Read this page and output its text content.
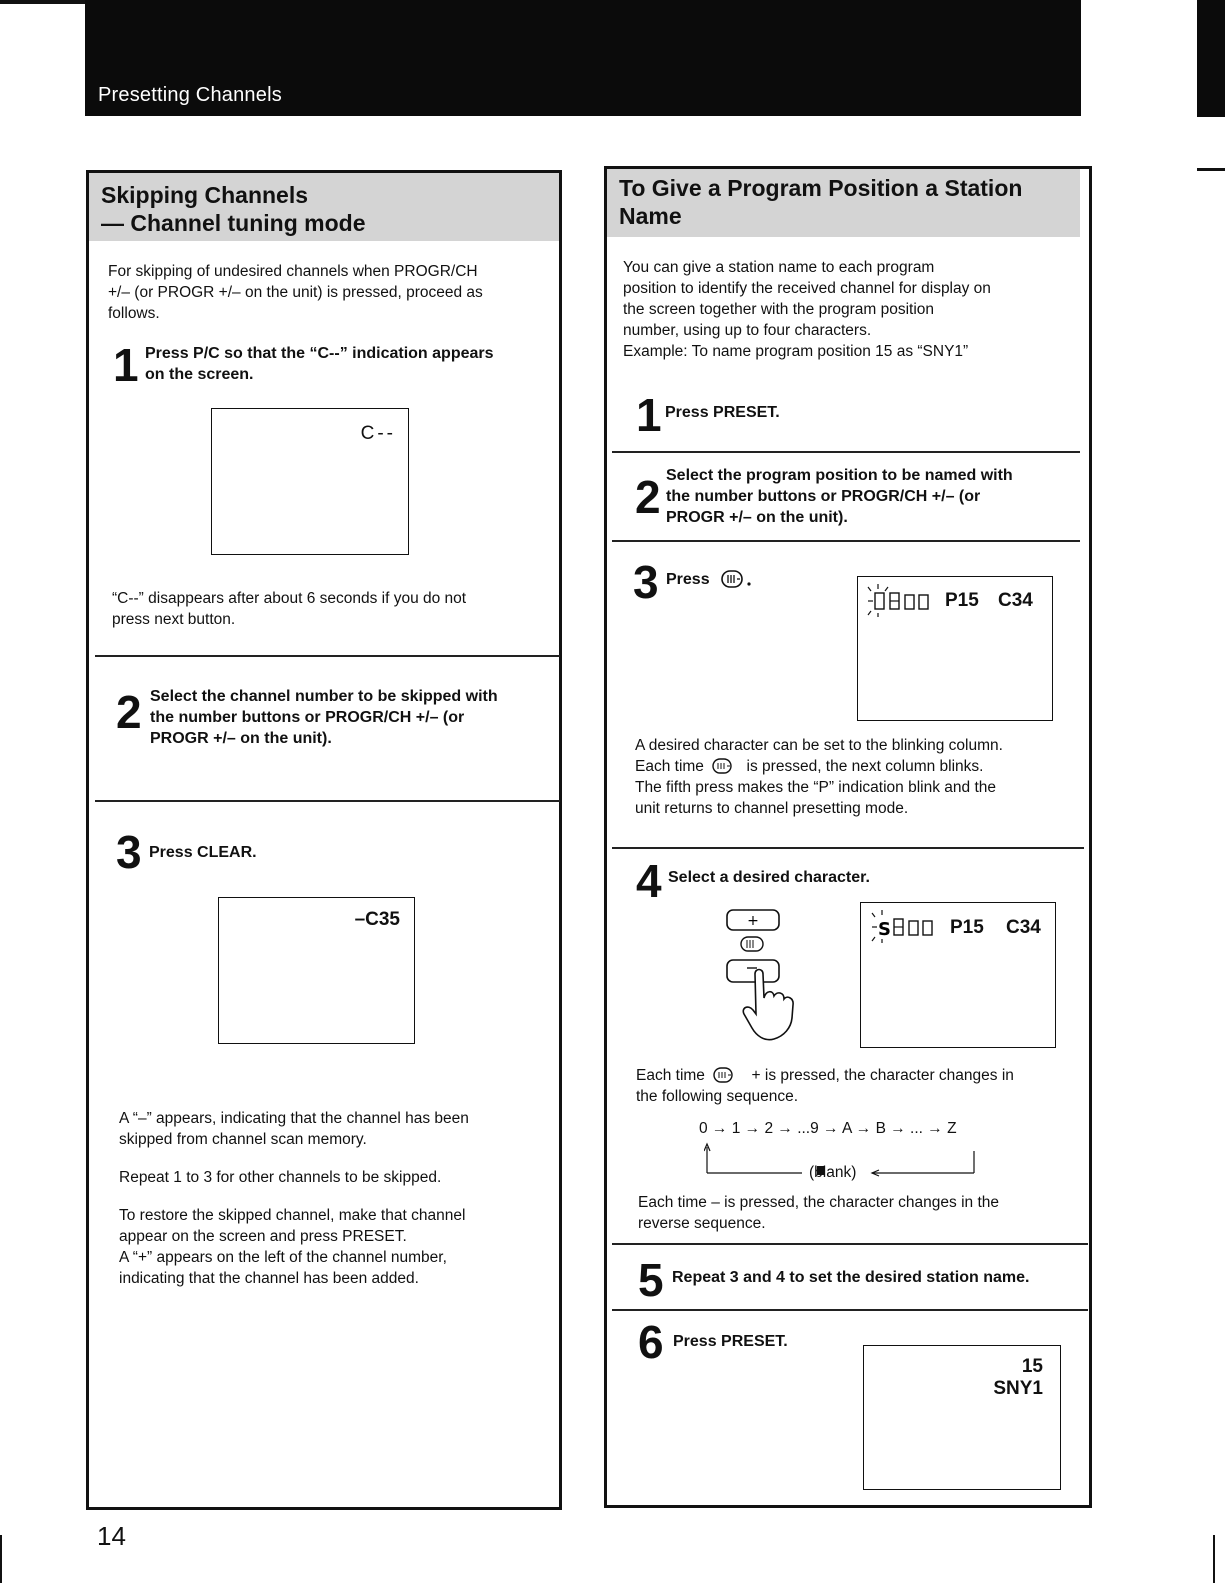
Presetting Channels
Skipping Channels
— Channel tuning mode
For skipping of undesired channels when PROGR/CH
+/– (or PROGR +/– on the unit) is pressed, proceed as
follows.
1 Press P/C so that the “C--” indication appears
on the screen.
C--
“C--” disappears after about 6 seconds if you do not
press next button.
2 Select the channel number to be skipped with
the number buttons or PROGR/CH +/– (or
PROGR +/– on the unit).
3 Press CLEAR.
–C35
A “–” appears, indicating that the channel has been
skipped from channel scan memory.
Repeat 1 to 3 for other channels to be skipped.
To restore the skipped channel, make that channel
appear on the screen and press PRESET.
A “+” appears on the left of the channel number,
indicating that the channel has been added.
14
To Give a Program Position a Station
Name
You can give a station name to each program
position to identify the received channel for display on
the screen together with the program position
number, using up to four characters.
Example: To name program position 15 as “SNY1”
1 Press PRESET.
2 Select the program position to be named with
the number buttons or PROGR/CH +/– (or
PROGR +/– on the unit).
3 Press
P15 C34
A desired character can be set to the blinking column.
Each time	is pressed, the next column blinks.
The fifth press makes the “P” indication blink and the
unit returns to channel presetting mode.
4 Select a desired character.
+	S	P15 C34
Each time	+ is pressed, the character changes in
the following sequence.
0 → 1 → 2 → ...9 → A → B → ... → Z
(blank)
Each time – is pressed, the character changes in the
reverse sequence.
5 Repeat 3 and 4 to set the desired station name.
6 Press PRESET.
15
SNY1
